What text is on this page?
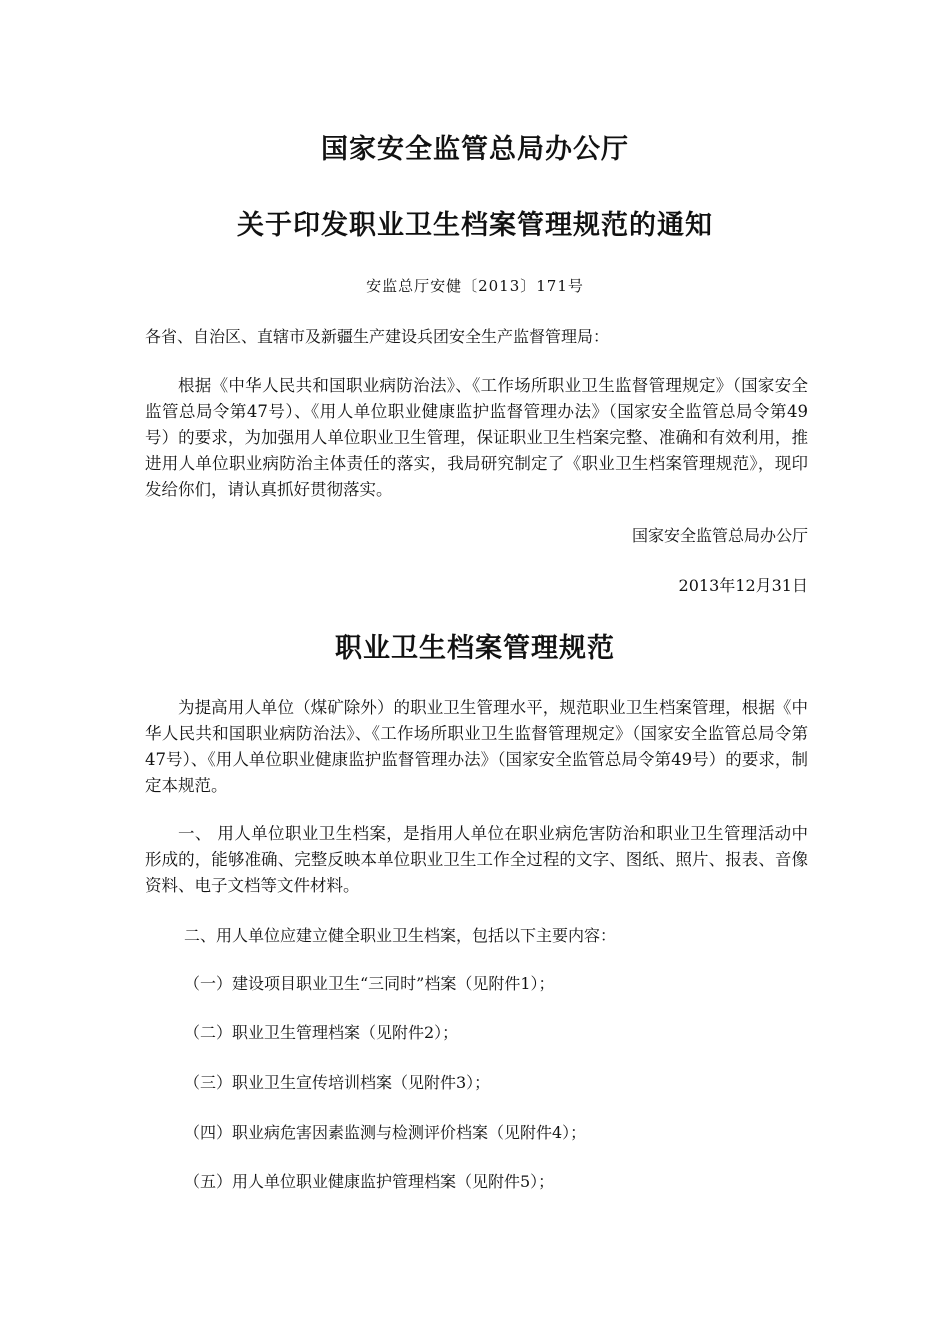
国家安全监管总局办公厅
关于印发职业卫生档案管理规范的通知
安监总厅安健〔2013〕171号
各省、自治区、直辖市及新疆生产建设兵团安全生产监督管理局：
根据《中华人民共和国职业病防治法》、《工作场所职业卫生监督管理规定》（国家安全监管总局令第47号）、《用人单位职业健康监护监督管理办法》（国家安全监管总局令第49号）的要求，为加强用人单位职业卫生管理，保证职业卫生档案完整、准确和有效利用，推进用人单位职业病防治主体责任的落实，我局研究制定了《职业卫生档案管理规范》，现印发给你们，请认真抓好贯彻落实。
国家安全监管总局办公厅
2013年12月31日
职业卫生档案管理规范
为提高用人单位（煤矿除外）的职业卫生管理水平，规范职业卫生档案管理，根据《中华人民共和国职业病防治法》、《工作场所职业卫生监督管理规定》（国家安全监管总局令第47号）、《用人单位职业健康监护监督管理办法》（国家安全监管总局令第49号）的要求，制定本规范。
一、 用人单位职业卫生档案，是指用人单位在职业病危害防治和职业卫生管理活动中形成的，能够准确、完整反映本单位职业卫生工作全过程的文字、图纸、照片、报表、音像资料、电子文档等文件材料。
二、用人单位应建立健全职业卫生档案，包括以下主要内容：
（一）建设项目职业卫生“三同时”档案（见附件1）；
（二）职业卫生管理档案（见附件2）；
（三）职业卫生宣传培训档案（见附件3）；
（四）职业病危害因素监测与检测评价档案（见附件4）；
（五）用人单位职业健康监护管理档案（见附件5）；
